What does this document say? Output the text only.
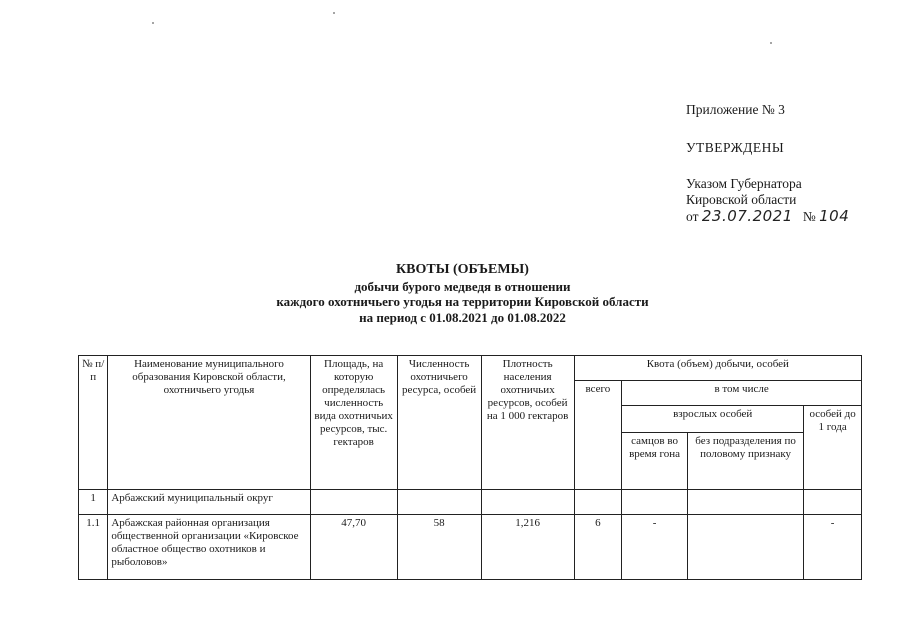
Приложение № 3
УТВЕРЖДЕНЫ
Указом Губернатора
Кировской области
от 23.07.2021 № 104
КВОТЫ (ОБЪЕМЫ)
добычи бурого медведя в отношении
каждого охотничьего угодья на территории Кировской области
на период с 01.08.2021 до 01.08.2022
№ п/п	Наименование муниципального образования Кировской области, охотничьего угодья	Площадь, на которую определялась численность вида охотничьих ресурсов, тыс. гектаров	Численность охотничьего ресурса, особей	Плотность населения охотничьих ресурсов, особей на 1 000 гектаров	Квота (объем) добычи, особей			
					всего	в том числе		
						взрослых особей		особей до 1 года
						самцов во время гона	без подразделения по половому признаку	
1	Арбажский муниципальный округ							
1.1	Арбажская районная организация общественной организации «Кировское областное общество охотников и рыболовов»	47,70	58	1,216	6	-		-
